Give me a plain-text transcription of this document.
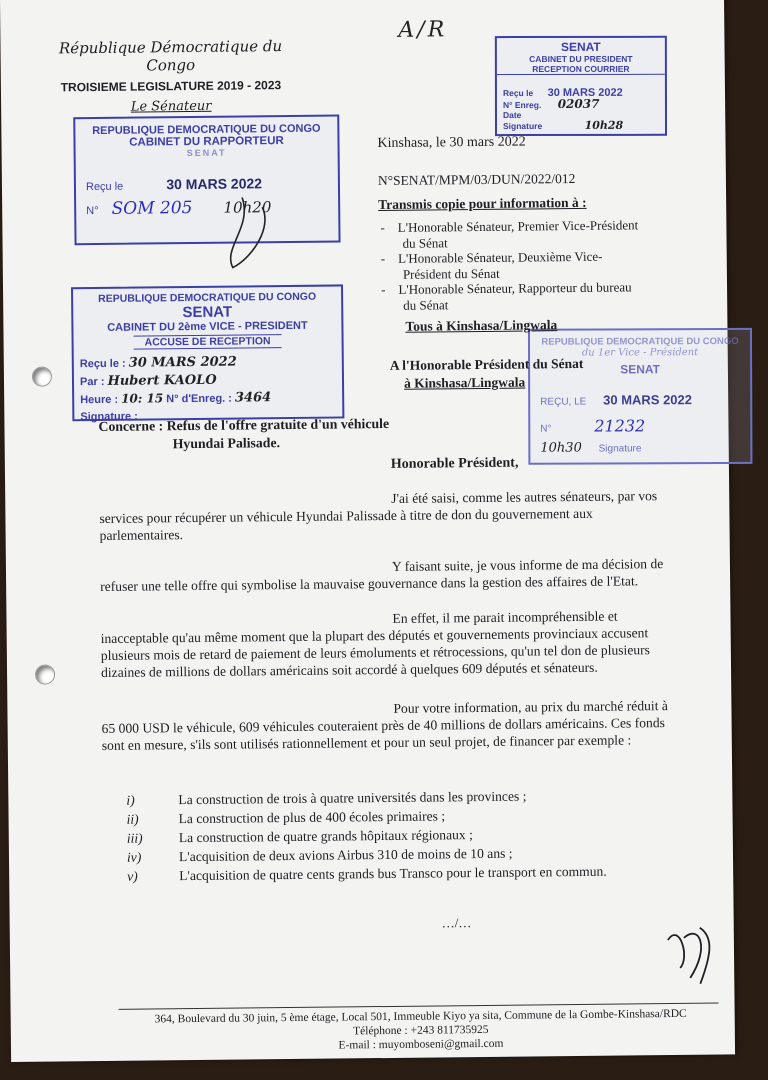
A/R
République Démocratique du Congo
TROISIEME LEGISLATURE 2019 - 2023
Le Sénateur
REPUBLIQUE DEMOCRATIQUE DU CONGO
CABINET DU RAPPORTEUR
SENAT
Reçu le	30 MARS 2022
N° SOM 205 10h20
REPUBLIQUE DEMOCRATIQUE DU CONGO
SENAT
CABINET DU 2ème VICE - PRESIDENT
ACCUSE DE RECEPTION
Reçu le : 30 MARS 2022
Par : Hubert KAOLO
Heure : 10: 15 N° d'Enreg. : 3464
Signature :
SENAT
CABINET DU PRESIDENT
RECEPTION COURRIER
Reçu le 30 MARS 2022
N° Enreg. 02037
Date
Signature	10h28
REPUBLIQUE DEMOCRATIQUE DU CONGO
du 1er Vice - Président
SENAT
REÇU, LE 30 MARS 2022
N°	21232
10h30 Signature
Kinshasa, le 30 mars 2022
N°SENAT/MPM/03/DUN/2022/012
Transmis copie pour information à :
-    L'Honorable Sénateur, Premier Vice-Président
du Sénat
-    L'Honorable Sénateur, Deuxième Vice-
Président du Sénat
-    L'Honorable Sénateur, Rapporteur du bureau
du Sénat
Tous à Kinshasa/Lingwala
A l'Honorable Président du Sénat
à Kinshasa/Lingwala
Concerne : Refus de l'offre gratuite d'un véhicule
Hyundai Palisade.
Honorable Président,
J'ai été saisi, comme les autres sénateurs, par vos
services pour récupérer un véhicule Hyundai Palissade à titre de don du gouvernement aux
parlementaires.
Y faisant suite, je vous informe de ma décision de
refuser une telle offre qui symbolise la mauvaise gouvernance dans la gestion des affaires de l'Etat.
En effet, il me parait incompréhensible et
inacceptable qu'au même moment que la plupart des députés et gouvernements provinciaux accusent
plusieurs mois de retard de paiement de leurs émoluments et rétrocessions, qu'un tel don de plusieurs
dizaines de millions de dollars américains soit accordé à quelques 609 députés et sénateurs.
Pour votre information, au prix du marché réduit à
65 000 USD le véhicule, 609 véhicules couteraient près de 40 millions de dollars américains. Ces fonds
sont en mesure, s'ils sont utilisés rationnellement et pour un seul projet, de financer par exemple :
i)	La construction de trois à quatre universités dans les provinces ;
ii)	La construction de plus de 400 écoles primaires ;
iii)	La construction de quatre grands hôpitaux régionaux ;
iv)	L'acquisition de deux avions Airbus 310 de moins de 10 ans ;
v)	L'acquisition de quatre cents grands bus Transco pour le transport en commun.
…/…
364, Boulevard du 30 juin, 5 ème étage, Local 501, Immeuble Kiyo ya sita, Commune de la Gombe-Kinshasa/RDC
Téléphone : +243 811735925
E-mail : muyomboseni@gmail.com
